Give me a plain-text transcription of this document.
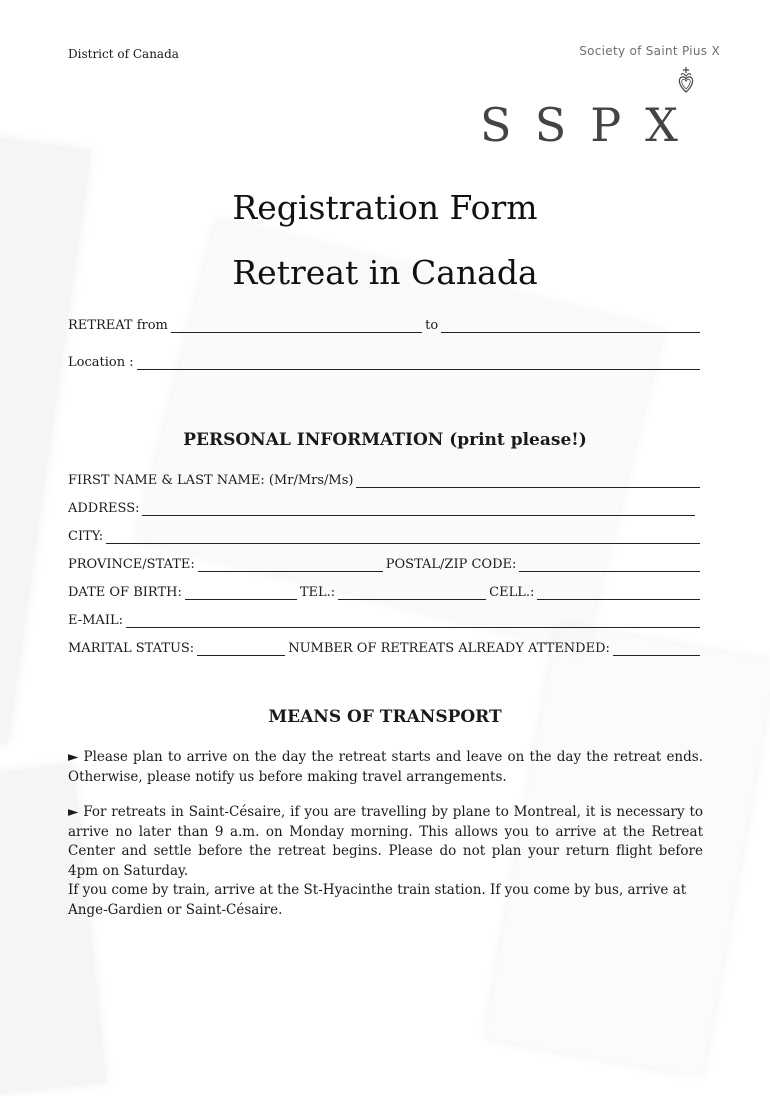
District of Canada	Society of Saint Pius X
SSPX
Registration Form
Retreat in Canada
RETREAT from	to
Location :
PERSONAL INFORMATION (print please!)
FIRST NAME & LAST NAME: (Mr/Mrs/Ms)
ADDRESS:
CITY:
PROVINCE/STATE:	POSTAL/ZIP CODE:
DATE OF BIRTH:	TEL.:	CELL.:
E-MAIL:
MARITAL STATUS:	NUMBER OF RETREATS ALREADY ATTENDED:
MEANS OF TRANSPORT

► Please plan to arrive on the day the retreat starts and leave on the day the retreat ends. Otherwise, please notify us before making travel arrangements.

► For retreats in Saint-Césaire, if you are travelling by plane to Montreal, it is necessary to arrive no later than 9 a.m. on Monday morning. This allows you to arrive at the Retreat Center and settle before the retreat begins. Please do not plan your return flight before 4pm on Saturday.

If you come by train, arrive at the St-Hyacinthe train station. If you come by bus, arrive at Ange-Gardien or Saint-Césaire.
